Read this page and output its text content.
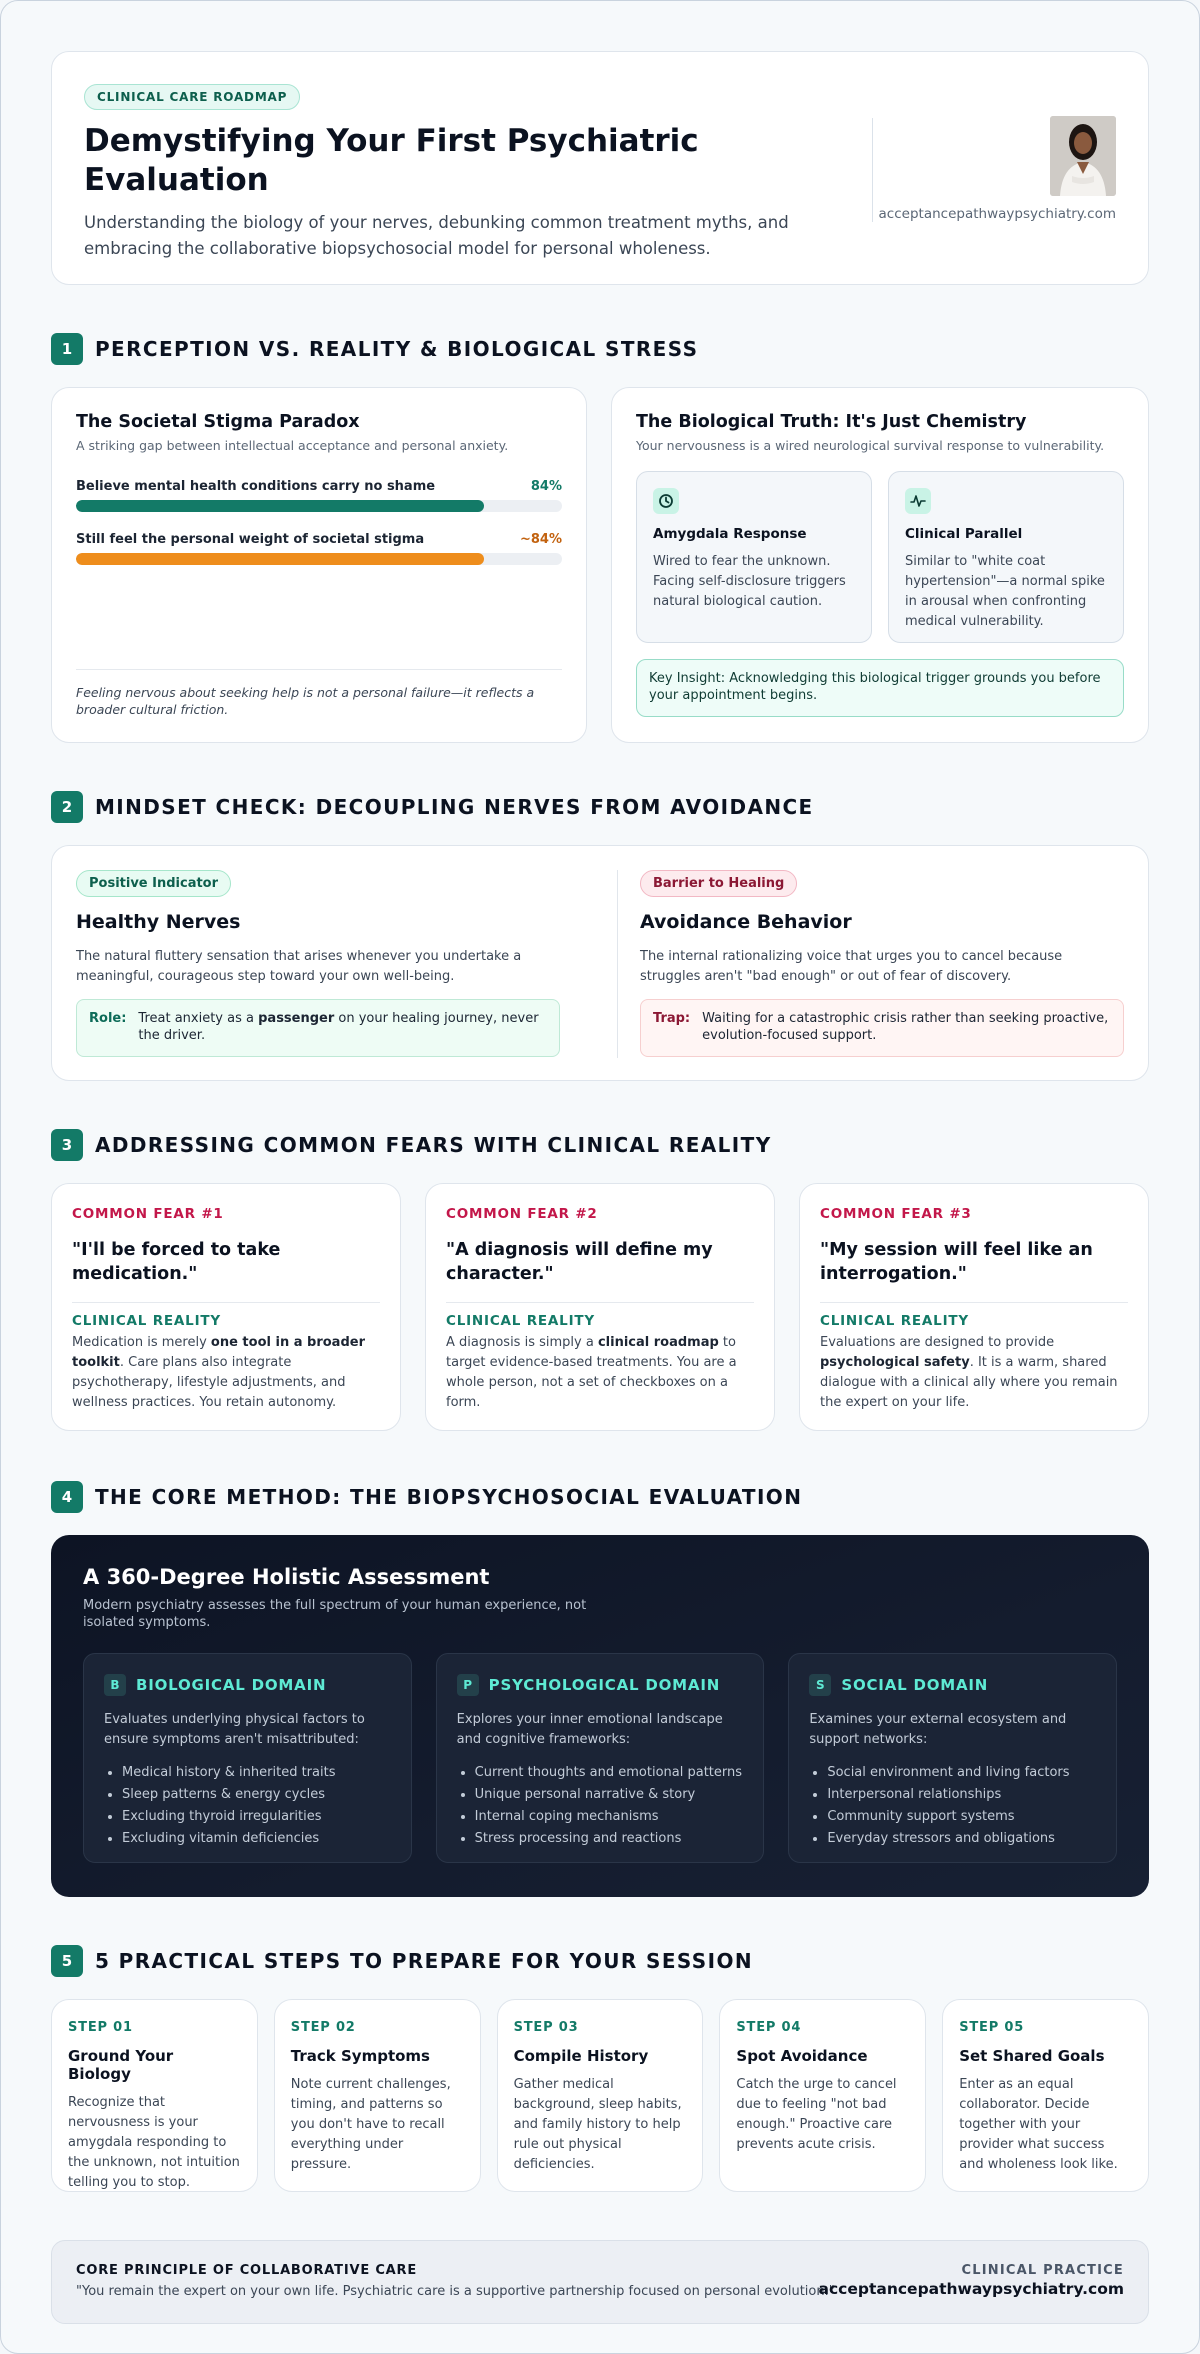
CLINICAL CARE ROADMAP
Demystifying Your First Psychiatric Evaluation

Understanding the biology of your nerves, debunking common treatment myths, and embracing the collaborative biopsychosocial model for personal wholeness.

acceptancepathwaypsychiatry.com
1	PERCEPTION VS. REALITY & BIOLOGICAL STRESS
The Societal Stigma Paradox
A striking gap between intellectual acceptance and personal anxiety.
Believe mental health conditions carry no shame	84%
Still feel the personal weight of societal stigma	~84%
Feeling nervous about seeking help is not a personal failure—it reflects a broader cultural friction.
The Biological Truth: It's Just Chemistry
Your nervousness is a wired neurological survival response to vulnerability.
Amygdala Response

Wired to fear the unknown. Facing self-disclosure triggers natural biological caution.

Clinical Parallel

Similar to "white coat hypertension"—a normal spike in arousal when confronting medical vulnerability.

Key Insight: Acknowledging this biological trigger grounds you before your appointment begins.
2	MINDSET CHECK: DECOUPLING NERVES FROM AVOIDANCE
Positive Indicator
Healthy Nerves
The natural fluttery sensation that arises whenever you undertake a meaningful, courageous step toward your own well-being.
Role: Treat anxiety as a passenger on your healing journey, never the driver.
Barrier to Healing
Avoidance Behavior
The internal rationalizing voice that urges you to cancel because struggles aren't "bad enough" or out of fear of discovery.
Trap: Waiting for a catastrophic crisis rather than seeking proactive, evolution-focused support.
3	ADDRESSING COMMON FEARS WITH CLINICAL REALITY
COMMON FEAR #1
"I'll be forced to take medication."
CLINICAL REALITY

Medication is merely one tool in a broader toolkit. Care plans also integrate psychotherapy, lifestyle adjustments, and wellness practices. You retain autonomy.

COMMON FEAR #2
"A diagnosis will define my character."
CLINICAL REALITY

A diagnosis is simply a clinical roadmap to target evidence-based treatments. You are a whole person, not a set of checkboxes on a form.

COMMON FEAR #3
"My session will feel like an interrogation."
CLINICAL REALITY

Evaluations are designed to provide psychological safety. It is a warm, shared dialogue with a clinical ally where you remain the expert on your life.

4	THE CORE METHOD: THE BIOPSYCHOSOCIAL EVALUATION
A 360-Degree Holistic Assessment
Modern psychiatry assesses the full spectrum of your human experience, not isolated symptoms.
B	BIOLOGICAL DOMAIN

Evaluates underlying physical factors to ensure symptoms aren't misattributed:

• Medical history & inherited traits
• Sleep patterns & energy cycles
• Excluding thyroid irregularities
• Excluding vitamin deficiencies
P	PSYCHOLOGICAL DOMAIN

Explores your inner emotional landscape and cognitive frameworks:

• Current thoughts and emotional patterns
• Unique personal narrative & story
• Internal coping mechanisms
• Stress processing and reactions
S	SOCIAL DOMAIN

Examines your external ecosystem and support networks:

• Social environment and living factors
• Interpersonal relationships
• Community support systems
• Everyday stressors and obligations
5	5 PRACTICAL STEPS TO PREPARE FOR YOUR SESSION
STEP 01
Ground Your Biology

Recognize that nervousness is your amygdala responding to the unknown, not intuition telling you to stop.

STEP 02
Track Symptoms

Note current challenges, timing, and patterns so you don't have to recall everything under pressure.

STEP 03
Compile History

Gather medical background, sleep habits, and family history to help rule out physical deficiencies.

STEP 04
Spot Avoidance

Catch the urge to cancel due to feeling "not bad enough." Proactive care prevents acute crisis.

STEP 05
Set Shared Goals

Enter as an equal collaborator. Decide together with your provider what success and wholeness look like.

CORE PRINCIPLE OF COLLABORATIVE CARE
"You remain the expert on your own life. Psychiatric care is a supportive partnership focused on personal evolution."
CLINICAL PRACTICE
acceptancepathwaypsychiatry.com
